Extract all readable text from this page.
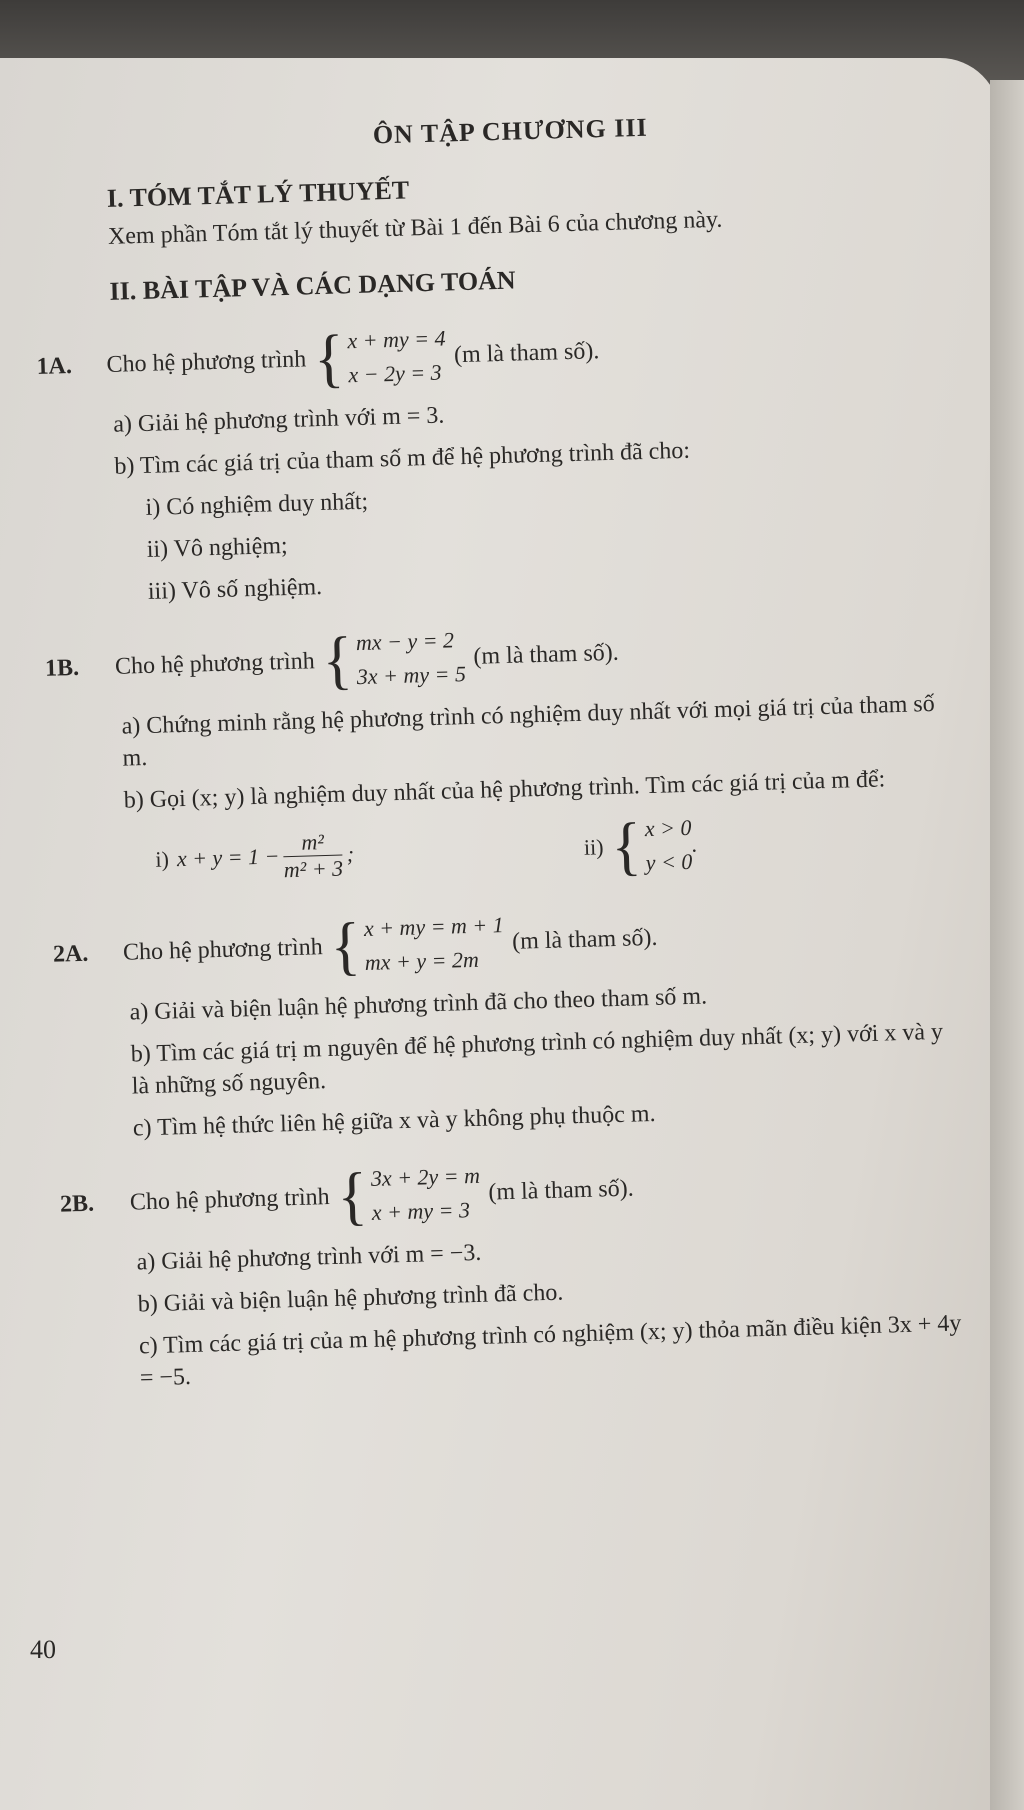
ÔN TẬP CHƯƠNG III
I. TÓM TẮT LÝ THUYẾT
Xem phần Tóm tắt lý thuyết từ Bài 1 đến Bài 6 của chương này.
II. BÀI TẬP VÀ CÁC DẠNG TOÁN
1A.	Cho hệ phương trình { x + my = 4
x − 2y = 3
(m là tham số).
a) Giải hệ phương trình với m = 3.
b) Tìm các giá trị của tham số m để hệ phương trình đã cho:
i) Có nghiệm duy nhất;
ii) Vô nghiệm;
iii) Vô số nghiệm.
1B.	Cho hệ phương trình { mx − y = 2
3x + my = 5
(m là tham số).
a) Chứng minh rằng hệ phương trình có nghiệm duy nhất với mọi giá trị của tham số m.
b) Gọi (x; y) là nghiệm duy nhất của hệ phương trình. Tìm các giá trị của m để:
i) $x + y = 1 - \frac{\text{m²}}{\text{m² + 3}}$ ;	ii) { x > 0
y < 0
.
2A.	Cho hệ phương trình { x + my = m + 1
mx + y = 2m
(m là tham số).
a) Giải và biện luận hệ phương trình đã cho theo tham số m.
b) Tìm các giá trị m nguyên để hệ phương trình có nghiệm duy nhất (x; y) với x và y là những số nguyên.
c) Tìm hệ thức liên hệ giữa x và y không phụ thuộc m.
2B.	Cho hệ phương trình { 3x + 2y = m
x + my = 3
(m là tham số).
a) Giải hệ phương trình với m = −3.
b) Giải và biện luận hệ phương trình đã cho.
c) Tìm các giá trị của m hệ phương trình có nghiệm (x; y) thỏa mãn điều kiện 3x + 4y = −5.
40
